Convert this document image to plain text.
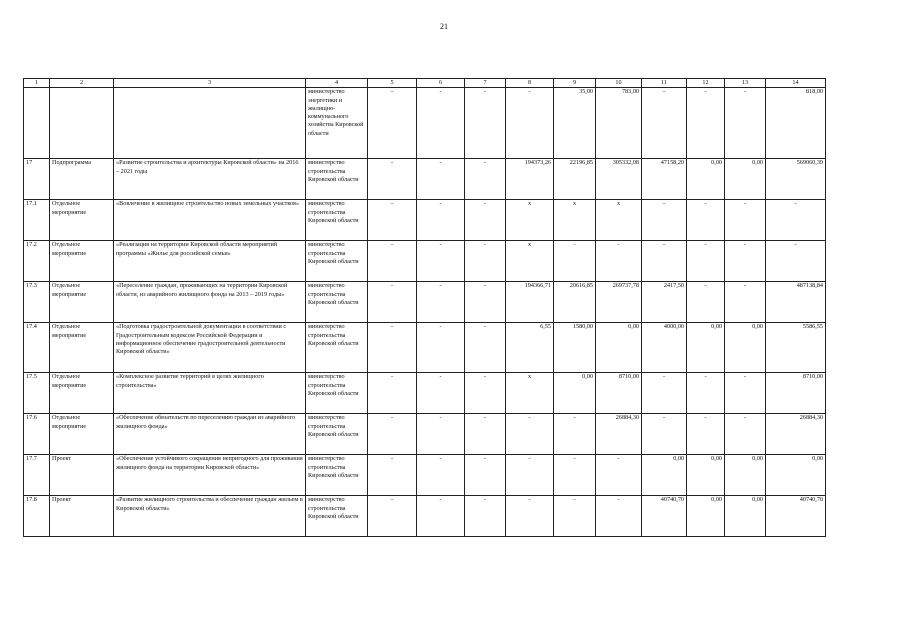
21
1	2	3	4	5	6	7	8	9	10	11	12	13	14
			министерство энергетики и жилищно-коммунального хозяйства Кировской области	-	-	-	-	35,00	783,00	-	-	-	818,00
17	Подпрограмма	«Развитие строительства и архитектуры Кировской области» на 2016 – 2021 годы	министерство строительства Кировской области	-	-	-	194373,26	22196,85	305332,08	47158,20	0,00	0,00	569060,39
17.1	Отдельное мероприятие	«Вовлечение в жилищное строительство новых земельных участков»	министерство строительства Кировской области	-	-	-	х	х	х	-	-	-	-
17.2	Отдельное мероприятие	«Реализация на территории Кировской области мероприятий программы «Жилье для российской семьи»	министерство строительства Кировской области	-	-	-	х	-	-	-	-	-	-
17.3	Отдельное мероприятие	«Переселение граждан, проживающих на территории Кировской области, из аварийного жилищного фонда на 2013 – 2019 годы»	министерство строительства Кировской области	-	-	-	194366,71	20616,85	269737,78	2417,50	-	-	487138,84
17.4	Отдельное мероприятие	«Подготовка градостроительной документации в соответствии с Градостроительным кодексом Российской Федерации и информационное обеспечение градостроительной деятельности Кировской области»	министерство строительства Кировской области	-	-	-	6,55	1580,00	0,00	4000,00	0,00	0,00	5586,55
17.5	Отдельное мероприятие	«Комплексное развитие территорий в целях жилищного строительства»	министерство строительства Кировской области	-	-	-	х	0,00	8710,00	-	-	-	8710,00
17.6	Отдельное мероприятие	«Обеспечение обязательств по переселению граждан из аварийного жилищного фонда»	министерство строительства Кировской области	-	-	-	-	-	26884,30	-	-	-	26884,30
17.7	Проект	«Обеспечение устойчивого сокращения непригодного для проживания жилищного фонда на территории Кировской области»	министерство строительства Кировской области	-	-	-	-	-	-	0,00	0,00	0,00	0,00
17.8	Проект	«Развитие жилищного строительства и обеспечение граждан жильем в Кировской области»	министерство строительства Кировской области	-	-	-	-	-	-	40740,70	0,00	0,00	40740,70
